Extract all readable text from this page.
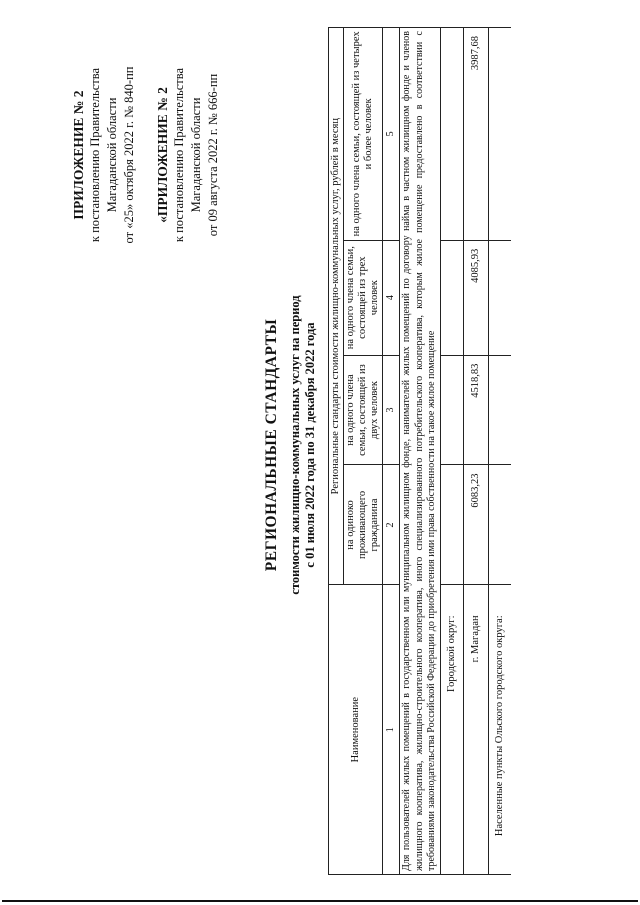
ПРИЛОЖЕНИЕ № 2 к постановлению Правительства Магаданской области от «25» октября 2022 г. № 840-пп «ПРИЛОЖЕНИЕ № 2 к постановлению Правительства Магаданской области от 09 августа 2022 г. № 666-пп
РЕГИОНАЛЬНЫЕ СТАНДАРТЫ стоимости жилищно-коммунальных услуг на период с 01 июля 2022 года по 31 декабря 2022 года
Наименование	Региональные стандарты стоимости жилищно-коммунальных услуг, рублей в месяц			
	на одиноко проживающего гражданина	на одного члена семьи, состоящей из двух человек	на одного члена семьи, состоящей из трех человек	на одного члена семьи, состоящей из четырех и более человек
1	2	3	4	5
Для пользователей жилых помещений в государственном или муниципальном жилищном фонде, нанимателей жилых помещений по договору найма в частном жилищном фонде и членов жилищного кооператива, жилищно-строительного кооператива, иного специализированного потребительского кооператива, которым жилое помещение предоставлено в соответствии с требованиями законодательства Российской Федерации до приобретения ими права собственности на такое жилое помещение				
Городской округ:				
г. Магадан	6083,23	4518,83	4085,93	3987,68
Населенные пункты Ольского городского округа:				
